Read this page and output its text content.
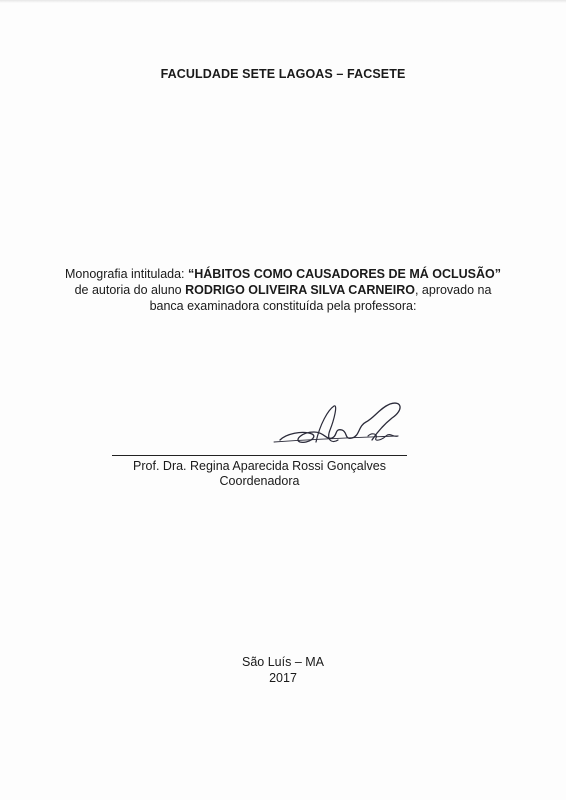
FACULDADE SETE LAGOAS – FACSETE
Monografia intitulada: “HÁBITOS COMO CAUSADORES DE MÁ OCLUSÃO” de autoria do aluno RODRIGO OLIVEIRA SILVA CARNEIRO, aprovado na banca examinadora constituída pela professora:
Prof. Dra. Regina Aparecida Rossi Gonçalves
Coordenadora
São Luís – MA
2017
